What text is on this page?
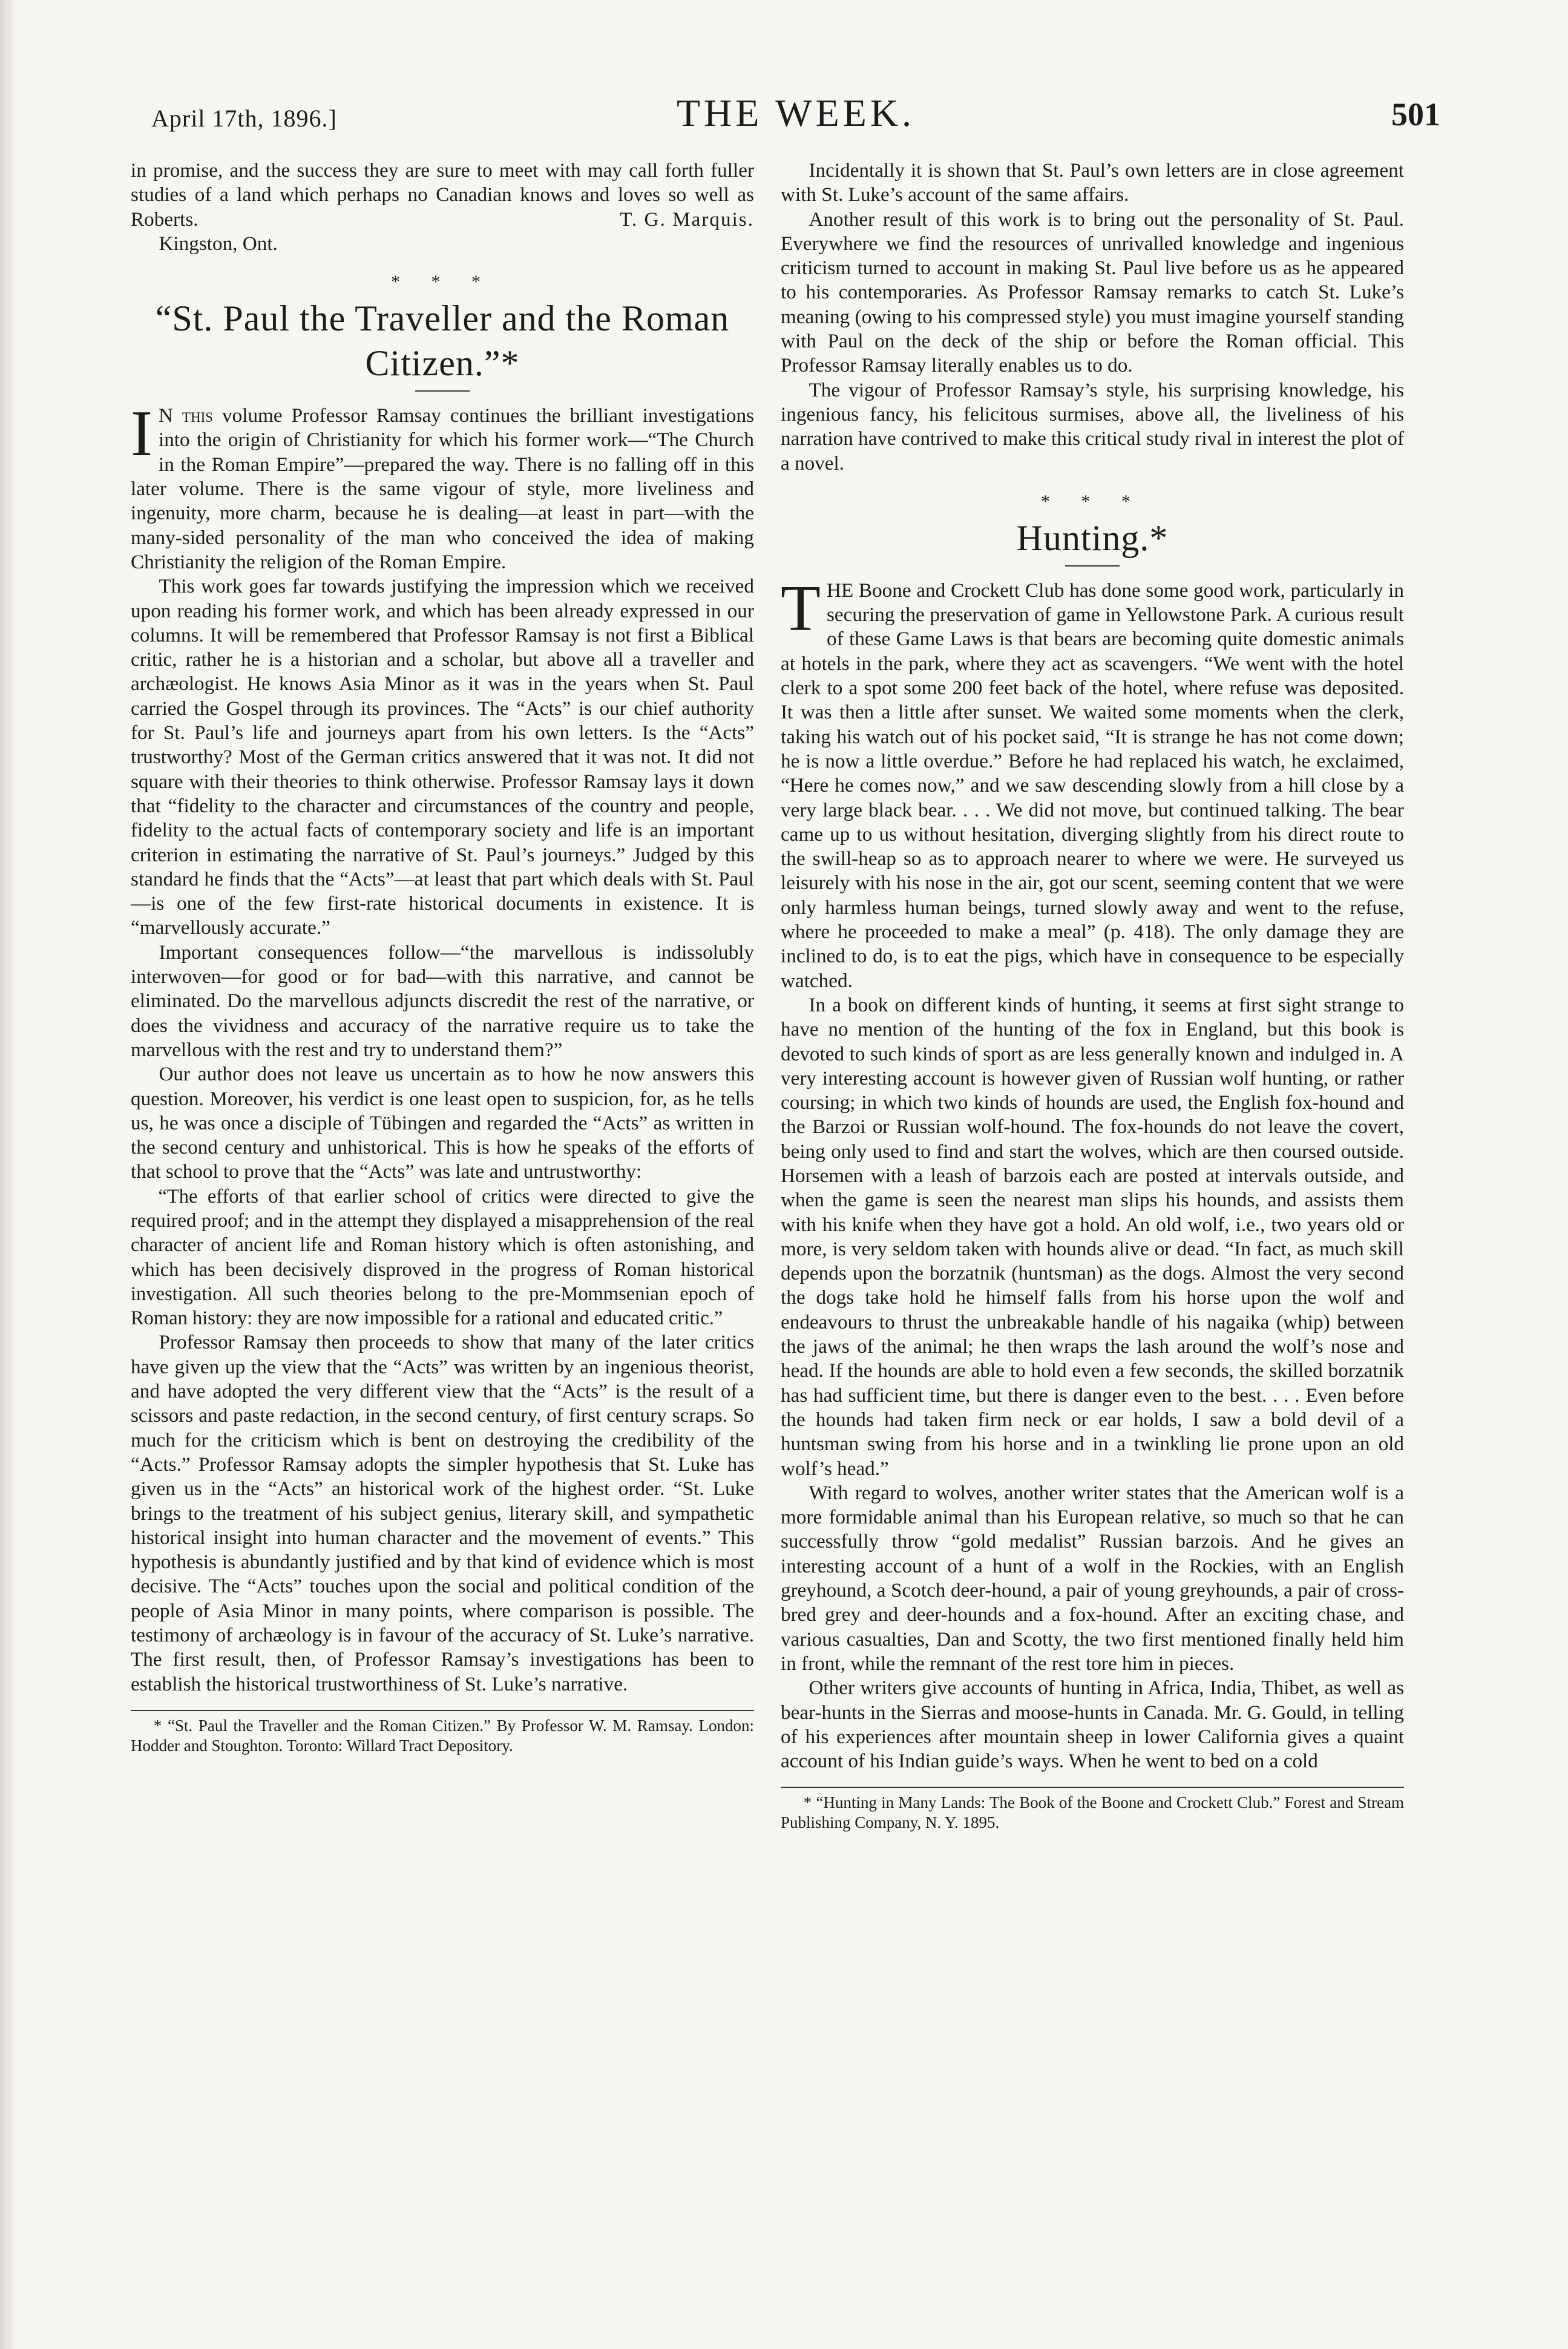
April 17th, 1896.]	THE WEEK.	501

in promise, and the success they are sure to meet with may call forth fuller studies of a land which perhaps no Canadian knows and loves so well as Roberts.	T. G. Marquis.

Kingston, Ont.

* * *
“St. Paul the Traveller and the Roman Citizen.”*

I N this volume Professor Ramsay continues the brilliant investigations into the origin of Christianity for which his former work—“The Church in the Roman Empire”—prepared the way. There is no falling off in this later volume. There is the same vigour of style, more liveliness and ingenuity, more charm, because he is dealing—at least in part—with the many-sided personality of the man who conceived the idea of making Christianity the religion of the Roman Empire.

This work goes far towards justifying the impression which we received upon reading his former work, and which has been already expressed in our columns. It will be remembered that Professor Ramsay is not first a Biblical critic, rather he is a historian and a scholar, but above all a traveller and archæologist. He knows Asia Minor as it was in the years when St. Paul carried the Gospel through its provinces. The “Acts” is our chief authority for St. Paul’s life and journeys apart from his own letters. Is the “Acts” trustworthy? Most of the German critics answered that it was not. It did not square with their theories to think otherwise. Professor Ramsay lays it down that “fidelity to the character and circumstances of the country and people, fidelity to the actual facts of contemporary society and life is an important criterion in estimating the narrative of St. Paul’s journeys.” Judged by this standard he finds that the “Acts”—at least that part which deals with St. Paul—is one of the few first-rate historical documents in existence. It is “marvellously accurate.”

Important consequences follow—“the marvellous is indissolubly interwoven—for good or for bad—with this narrative, and cannot be eliminated. Do the marvellous adjuncts discredit the rest of the narrative, or does the vividness and accuracy of the narrative require us to take the marvellous with the rest and try to understand them?”

Our author does not leave us uncertain as to how he now answers this question. Moreover, his verdict is one least open to suspicion, for, as he tells us, he was once a disciple of Tübingen and regarded the “Acts” as written in the second century and unhistorical. This is how he speaks of the efforts of that school to prove that the “Acts” was late and untrustworthy:

“The efforts of that earlier school of critics were directed to give the required proof; and in the attempt they displayed a misapprehension of the real character of ancient life and Roman history which is often astonishing, and which has been decisively disproved in the progress of Roman historical investigation. All such theories belong to the pre-Mommsenian epoch of Roman history: they are now impossible for a rational and educated critic.”

Professor Ramsay then proceeds to show that many of the later critics have given up the view that the “Acts” was written by an ingenious theorist, and have adopted the very different view that the “Acts” is the result of a scissors and paste redaction, in the second century, of first century scraps. So much for the criticism which is bent on destroying the credibility of the “Acts.” Professor Ramsay adopts the simpler hypothesis that St. Luke has given us in the “Acts” an historical work of the highest order. “St. Luke brings to the treatment of his subject genius, literary skill, and sympathetic historical insight into human character and the movement of events.” This hypothesis is abundantly justified and by that kind of evidence which is most decisive. The “Acts” touches upon the social and political condition of the people of Asia Minor in many points, where comparison is possible. The testimony of archæology is in favour of the accuracy of St. Luke’s narrative. The first result, then, of Professor Ramsay’s investigations has been to establish the historical trustworthiness of St. Luke’s narrative.

* “St. Paul the Traveller and the Roman Citizen.” By Professor W. M. Ramsay. London: Hodder and Stoughton. Toronto: Willard Tract Depository.

Incidentally it is shown that St. Paul’s own letters are in close agreement with St. Luke’s account of the same affairs.

Another result of this work is to bring out the personality of St. Paul. Everywhere we find the resources of unrivalled knowledge and ingenious criticism turned to account in making St. Paul live before us as he appeared to his contemporaries. As Professor Ramsay remarks to catch St. Luke’s meaning (owing to his compressed style) you must imagine yourself standing with Paul on the deck of the ship or before the Roman official. This Professor Ramsay literally enables us to do.

The vigour of Professor Ramsay’s style, his surprising knowledge, his ingenious fancy, his felicitous surmises, above all, the liveliness of his narration have contrived to make this critical study rival in interest the plot of a novel.

* * *
Hunting.*

THE Boone and Crockett Club has done some good work, particularly in securing the preservation of game in Yellowstone Park. A curious result of these Game Laws is that bears are becoming quite domestic animals at hotels in the park, where they act as scavengers. “We went with the hotel clerk to a spot some 200 feet back of the hotel, where refuse was deposited. It was then a little after sunset. We waited some moments when the clerk, taking his watch out of his pocket said, “It is strange he has not come down; he is now a little overdue.” Before he had replaced his watch, he exclaimed, “Here he comes now,” and we saw descending slowly from a hill close by a very large black bear. . . . We did not move, but continued talking. The bear came up to us without hesitation, diverging slightly from his direct route to the swill-heap so as to approach nearer to where we were. He surveyed us leisurely with his nose in the air, got our scent, seeming content that we were only harmless human beings, turned slowly away and went to the refuse, where he proceeded to make a meal” (p. 418). The only damage they are inclined to do, is to eat the pigs, which have in consequence to be especially watched.

In a book on different kinds of hunting, it seems at first sight strange to have no mention of the hunting of the fox in England, but this book is devoted to such kinds of sport as are less generally known and indulged in. A very interesting account is however given of Russian wolf hunting, or rather coursing; in which two kinds of hounds are used, the English fox-hound and the Barzoi or Russian wolf-hound. The fox-hounds do not leave the covert, being only used to find and start the wolves, which are then coursed outside. Horsemen with a leash of barzois each are posted at intervals outside, and when the game is seen the nearest man slips his hounds, and assists them with his knife when they have got a hold. An old wolf, i.e., two years old or more, is very seldom taken with hounds alive or dead. “In fact, as much skill depends upon the borzatnik (huntsman) as the dogs. Almost the very second the dogs take hold he himself falls from his horse upon the wolf and endeavours to thrust the unbreakable handle of his nagaika (whip) between the jaws of the animal; he then wraps the lash around the wolf’s nose and head. If the hounds are able to hold even a few seconds, the skilled borzatnik has had sufficient time, but there is danger even to the best. . . . Even before the hounds had taken firm neck or ear holds, I saw a bold devil of a huntsman swing from his horse and in a twinkling lie prone upon an old wolf’s head.”

With regard to wolves, another writer states that the American wolf is a more formidable animal than his European relative, so much so that he can successfully throw “gold medalist” Russian barzois. And he gives an interesting account of a hunt of a wolf in the Rockies, with an English greyhound, a Scotch deer-hound, a pair of young greyhounds, a pair of cross-bred grey and deer-hounds and a fox-hound. After an exciting chase, and various casualties, Dan and Scotty, the two first mentioned finally held him in front, while the remnant of the rest tore him in pieces.

Other writers give accounts of hunting in Africa, India, Thibet, as well as bear-hunts in the Sierras and moose-hunts in Canada. Mr. G. Gould, in telling of his experiences after mountain sheep in lower California gives a quaint account of his Indian guide’s ways. When he went to bed on a cold

* “Hunting in Many Lands: The Book of the Boone and Crockett Club.” Forest and Stream Publishing Company, N. Y. 1895.
